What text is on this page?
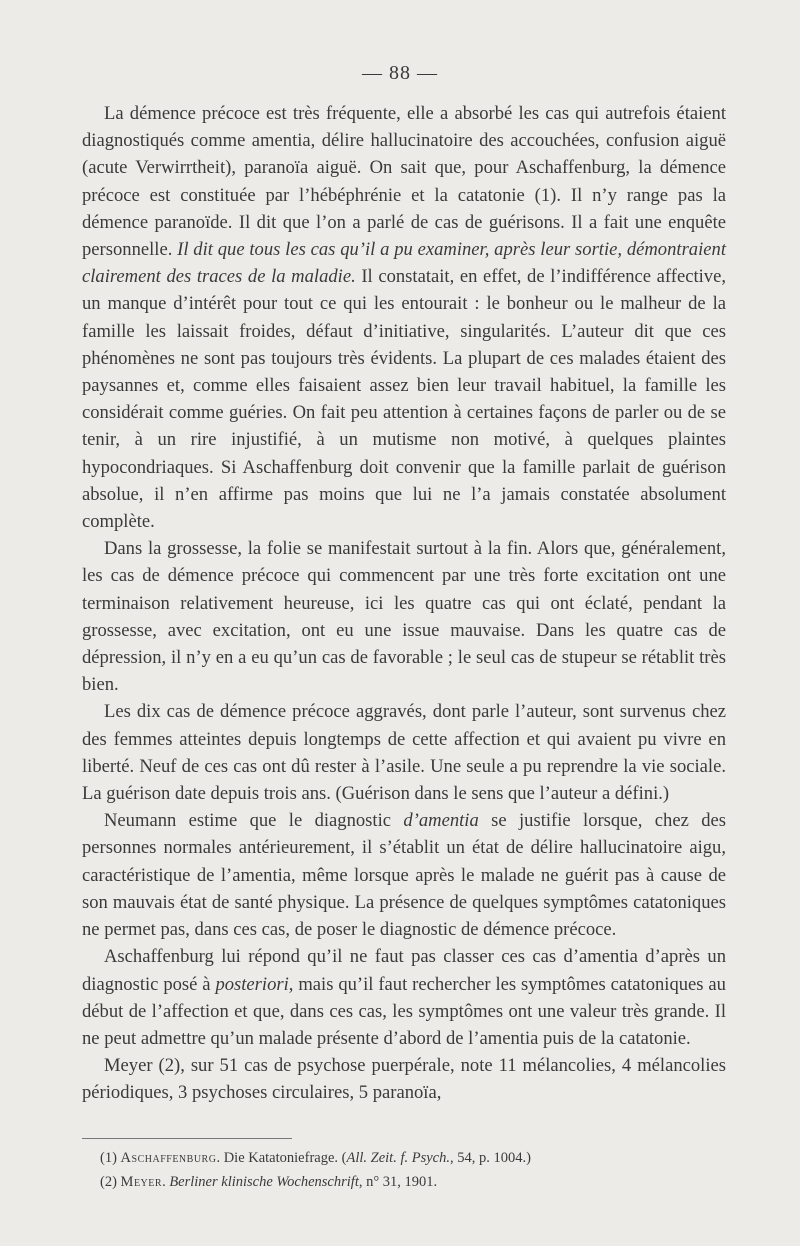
— 88 —

La démence précoce est très fréquente, elle a absorbé les cas qui autrefois étaient diagnostiqués comme amentia, délire hallucinatoire des accouchées, confusion aiguë (acute Verwirrtheit), paranoïa aiguë. On sait que, pour Aschaffenburg, la démence précoce est constituée par l’hébéphrénie et la catatonie (1). Il n’y range pas la démence paranoïde. Il dit que l’on a parlé de cas de guérisons. Il a fait une enquête personnelle. Il dit que tous les cas qu’il a pu examiner, après leur sortie, démontraient clairement des traces de la maladie. Il constatait, en effet, de l’indifférence affective, un manque d’intérêt pour tout ce qui les entourait : le bonheur ou le malheur de la famille les laissait froides, défaut d’initiative, singularités. L’auteur dit que ces phénomènes ne sont pas toujours très évidents. La plupart de ces malades étaient des paysannes et, comme elles faisaient assez bien leur travail habituel, la famille les considérait comme guéries. On fait peu attention à certaines façons de parler ou de se tenir, à un rire injustifié, à un mutisme non motivé, à quelques plaintes hypocondriaques. Si Aschaffenburg doit convenir que la famille parlait de guérison absolue, il n’en affirme pas moins que lui ne l’a jamais constatée absolument complète.

Dans la grossesse, la folie se manifestait surtout à la fin. Alors que, généralement, les cas de démence précoce qui commencent par une très forte excitation ont une terminaison relativement heureuse, ici les quatre cas qui ont éclaté, pendant la grossesse, avec excitation, ont eu une issue mauvaise. Dans les quatre cas de dépression, il n’y en a eu qu’un cas de favorable ; le seul cas de stupeur se rétablit très bien.

Les dix cas de démence précoce aggravés, dont parle l’auteur, sont survenus chez des femmes atteintes depuis longtemps de cette affection et qui avaient pu vivre en liberté. Neuf de ces cas ont dû rester à l’asile. Une seule a pu reprendre la vie sociale. La guérison date depuis trois ans. (Guérison dans le sens que l’auteur a défini.)

Neumann estime que le diagnostic d’amentia se justifie lorsque, chez des personnes normales antérieurement, il s’établit un état de délire hallucinatoire aigu, caractéristique de l’amentia, même lorsque après le malade ne guérit pas à cause de son mauvais état de santé physique. La présence de quelques symptômes catatoniques ne permet pas, dans ces cas, de poser le diagnostic de démence précoce.

Aschaffenburg lui répond qu’il ne faut pas classer ces cas d’amentia d’après un diagnostic posé à posteriori, mais qu’il faut rechercher les symptômes catatoniques au début de l’affection et que, dans ces cas, les symptômes ont une valeur très grande. Il ne peut admettre qu’un malade présente d’abord de l’amentia puis de la catatonie.

Meyer (2), sur 51 cas de psychose puerpérale, note 11 mélancolies, 4 mélancolies périodiques, 3 psychoses circulaires, 5 paranoïa,

(1) Aschaffenburg. Die Katatoniefrage. (All. Zeit. f. Psych., 54, p. 1004.)
(2) Meyer. Berliner klinische Wochenschrift, n° 31, 1901.
